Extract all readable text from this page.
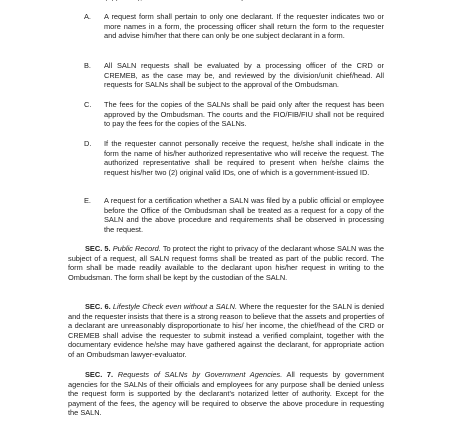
A.	A request form shall pertain to only one declarant. If the requester indicates two or more names in a form, the processing officer shall return the form to the requester and advise him/her that there can only be one subject declarant in a form.
B.	All SALN requests shall be evaluated by a processing officer of the CRD or CREMEB, as the case may be, and reviewed by the division/unit chief/head. All requests for SALNs shall be subject to the approval of the Ombudsman.
C.	The fees for the copies of the SALNs shall be paid only after the request has been approved by the Ombudsman. The courts and the FIO/FIB/FIU shall not be required to pay the fees for the copies of the SALNs.
D.	If the requester cannot personally receive the request, he/she shall indicate in the form the name of his/her authorized representative who will receive the request. The authorized representative shall be required to present when he/she claims the request his/her two (2) original valid IDs, one of which is a government-issued ID.
E.	A request for a certification whether a SALN was filed by a public official or employee before the Office of the Ombudsman shall be treated as a request for a copy of the SALN and the above procedure and requirements shall be observed in processing the request.
SEC. 5. Public Record. To protect the right to privacy of the declarant whose SALN was the subject of a request, all SALN request forms shall be treated as part of the public record. The form shall be made readily available to the declarant upon his/her request in writing to the Ombudsman. The form shall be kept by the custodian of the SALN.
SEC. 6. Lifestyle Check even without a SALN. Where the requester for the SALN is denied and the requester insists that there is a strong reason to believe that the assets and properties of a declarant are unreasonably disproportionate to his/ her income, the chief/head of the CRD or CREMEB shall advise the requester to submit instead a verified complaint, together with the documentary evidence he/she may have gathered against the declarant, for appropriate action of an Ombudsman lawyer-evaluator.
SEC. 7. Requests of SALNs by Government Agencies. All requests by government agencies for the SALNs of their officials and employees for any purpose shall be denied unless the request form is supported by the declarant's notarized letter of authority. Except for the payment of the fees, the agency will be required to observe the above procedure in requesting the SALN.
